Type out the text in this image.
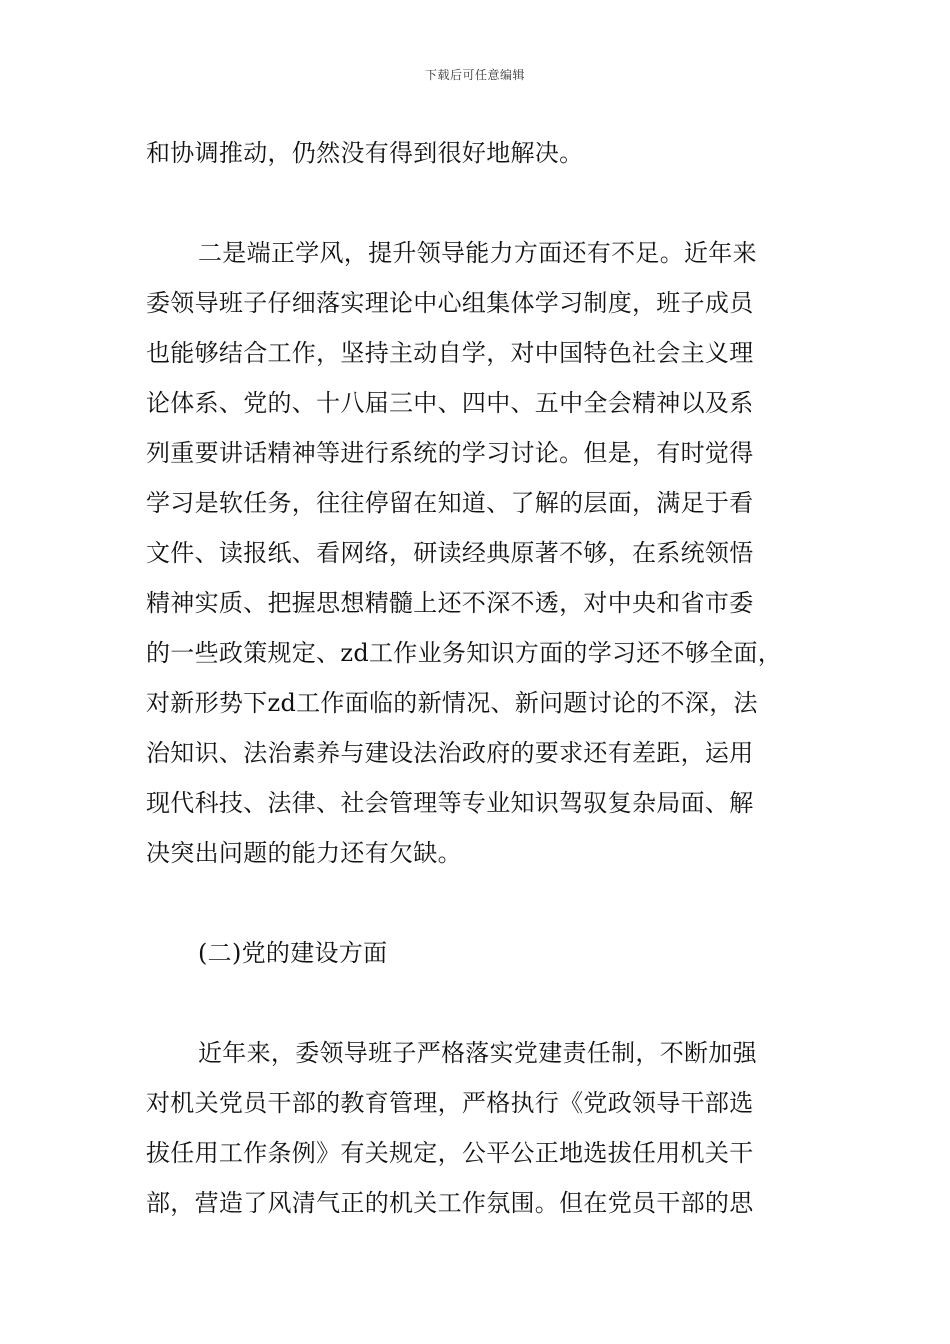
下载后可任意编辑

和协调推动，仍然没有得到很好地解决。

二是端正学风，提升领导能力方面还有不足。近年来
委领导班子仔细落实理论中心组集体学习制度，班子成员
也能够结合工作，坚持主动自学，对中国特色社会主义理
论体系、党的、十八届三中、四中、五中全会精神以及系
列重要讲话精神等进行系统的学习讨论。但是，有时觉得
学习是软任务，往往停留在知道、了解的层面，满足于看
文件、读报纸、看网络，研读经典原著不够，在系统领悟
精神实质、把握思想精髓上还不深不透，对中央和省市委
的一些政策规定、zd工作业务知识方面的学习还不够全面，
对新形势下zd工作面临的新情况、新问题讨论的不深，法
治知识、法治素养与建设法治政府的要求还有差距，运用
现代科技、法律、社会管理等专业知识驾驭复杂局面、解
决突出问题的能力还有欠缺。

(二)党的建设方面

近年来，委领导班子严格落实党建责任制，不断加强
对机关党员干部的教育管理，严格执行《党政领导干部选
拔任用工作条例》有关规定，公平公正地选拔任用机关干
部，营造了风清气正的机关工作氛围。但在党员干部的思
